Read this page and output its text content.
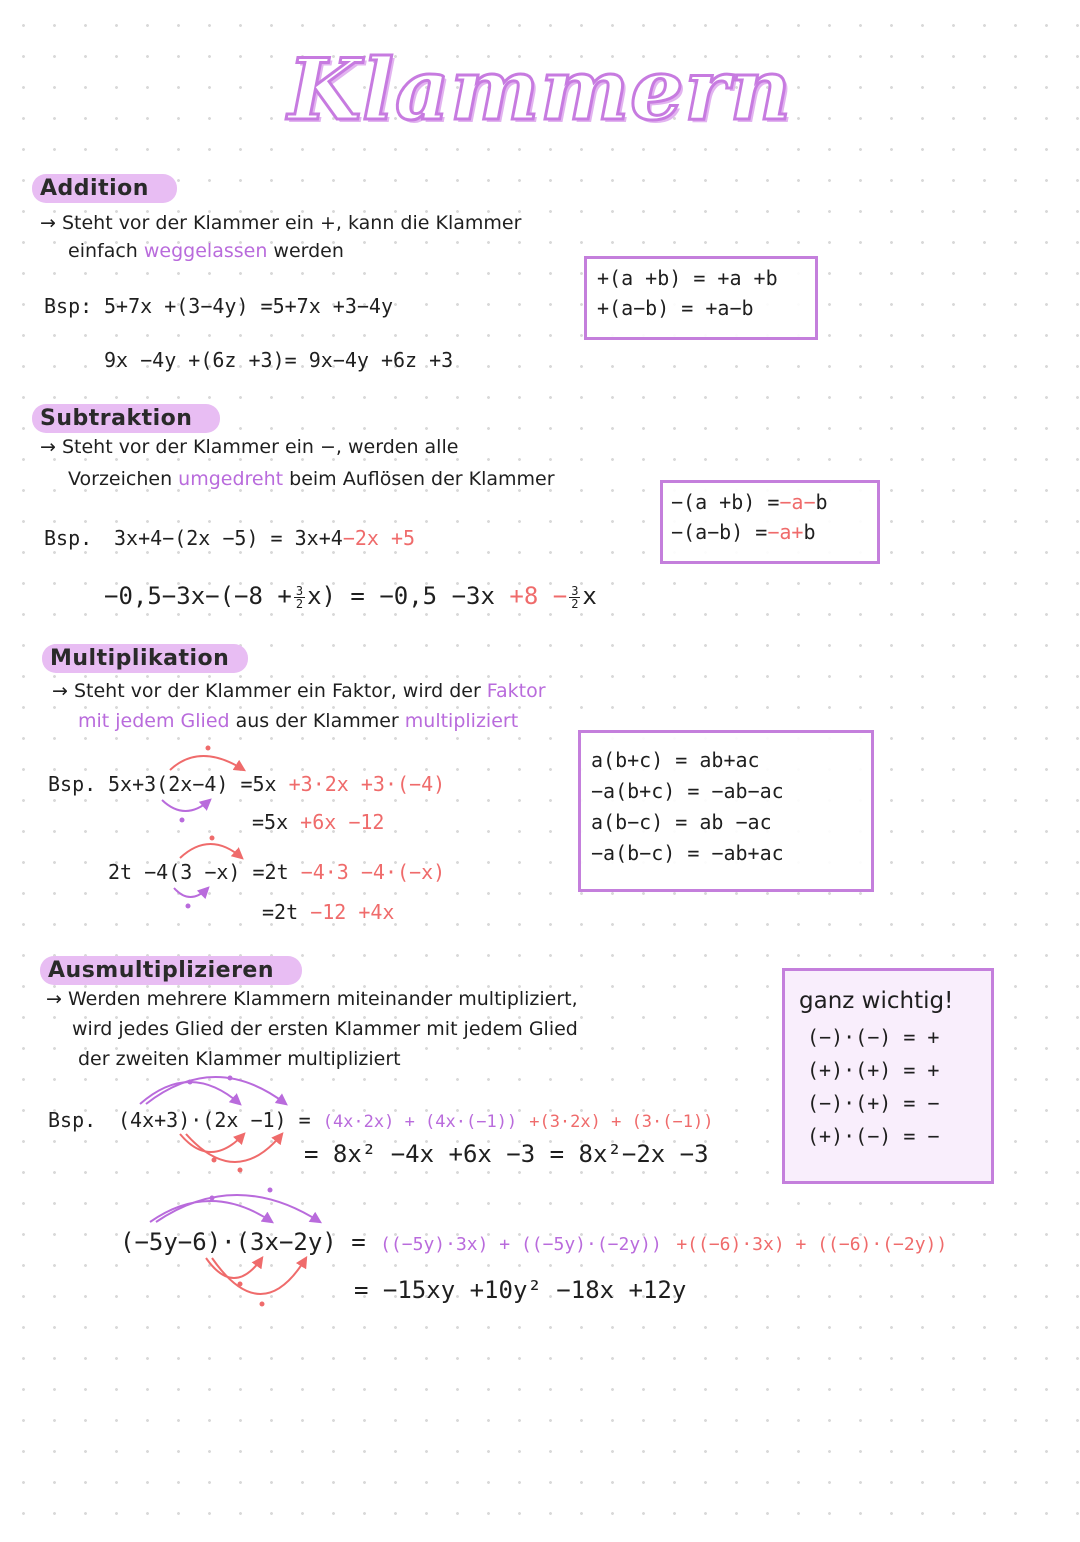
Klammern
Addition
→ Steht vor der Klammer ein +, kann die Klammer
einfach weggelassen werden
Bsp: 5+7x +(3−4y) =5+7x +3−4y
9x −4y +(6z +3)= 9x−4y +6z +3
+(a +b) = +a +b
+(a−b) = +a−b
Subtraktion
→ Steht vor der Klammer ein −, werden alle
Vorzeichen umgedreht beim Auflösen der Klammer
Bsp. 3x+4−(2x −5) = 3x+4−2x +5
$-0,5-3x-(-8 + \frac{3}{2} x) = -0,5 -3x +8 - \frac{3}{2}$ x
−(a +b) =−a−b
−(a−b) =−a+b
Multiplikation
→ Steht vor der Klammer ein Faktor, wird der Faktor
mit jedem Glied aus der Klammer multipliziert
Bsp. 5x+3(2x−4) =5x +3·2x +3·(−4)
=5x +6x −12
2t −4(3 −x) =2t −4·3 −4·(−x)
=2t −12 +4x
a(b+c) = ab+ac
−a(b+c) = −ab−ac
a(b−c) = ab −ac
−a(b−c) = −ab+ac
Ausmultiplizieren
→ Werden mehrere Klammern miteinander multipliziert,
wird jedes Glied der ersten Klammer mit jedem Glied
der zweiten Klammer multipliziert
Bsp. (4x+3)·(2x −1) = (4x·2x) + (4x·(−1)) +(3·2x) + (3·(−1))
= 8x² −4x +6x −3 = 8x²−2x −3
(−5y−6)·(3x−2y) = ((−5y)·3x) + ((−5y)·(−2y)) +((−6)·3x) + ((−6)·(−2y))
= −15xy +10y² −18x +12y
ganz wichtig!
(−)·(−) = +
(+)·(+) = +
(−)·(+) = −
(+)·(−) = −
